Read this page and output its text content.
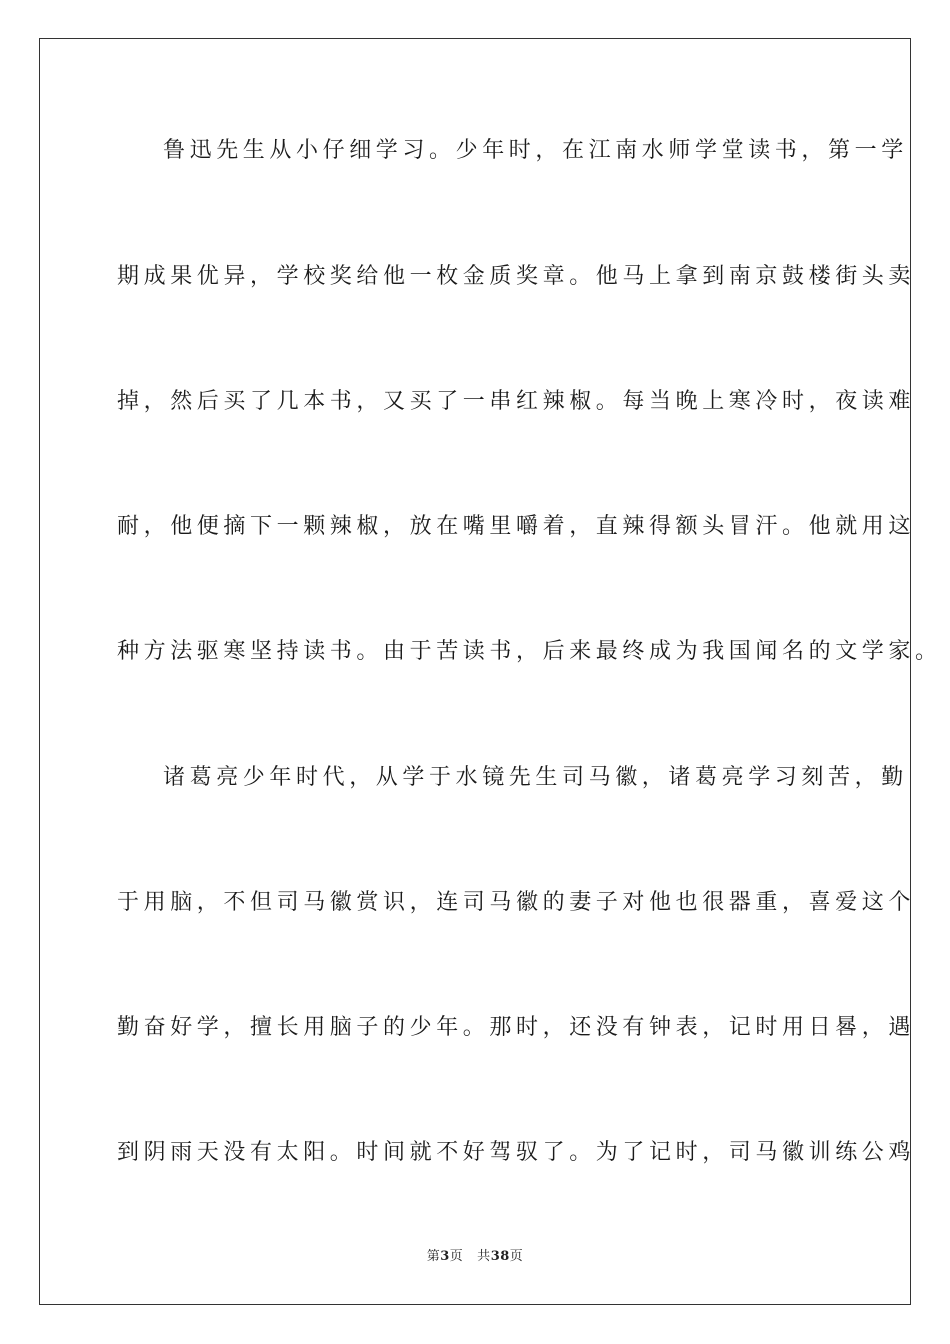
鲁迅先生从小仔细学习。少年时，在江南水师学堂读书，第一学
期成果优异，学校奖给他一枚金质奖章。他马上拿到南京鼓楼街头卖
掉，然后买了几本书，又买了一串红辣椒。每当晚上寒冷时，夜读难
耐，他便摘下一颗辣椒，放在嘴里嚼着，直辣得额头冒汗。他就用这
种方法驱寒坚持读书。由于苦读书，后来最终成为我国闻名的文学家。
诸葛亮少年时代，从学于水镜先生司马徽，诸葛亮学习刻苦，勤
于用脑，不但司马徽赏识，连司马徽的妻子对他也很器重，喜爱这个
勤奋好学，擅长用脑子的少年。那时，还没有钟表，记时用日晷，遇
到阴雨天没有太阳。时间就不好驾驭了。为了记时，司马徽训练公鸡
第3页 共38页
